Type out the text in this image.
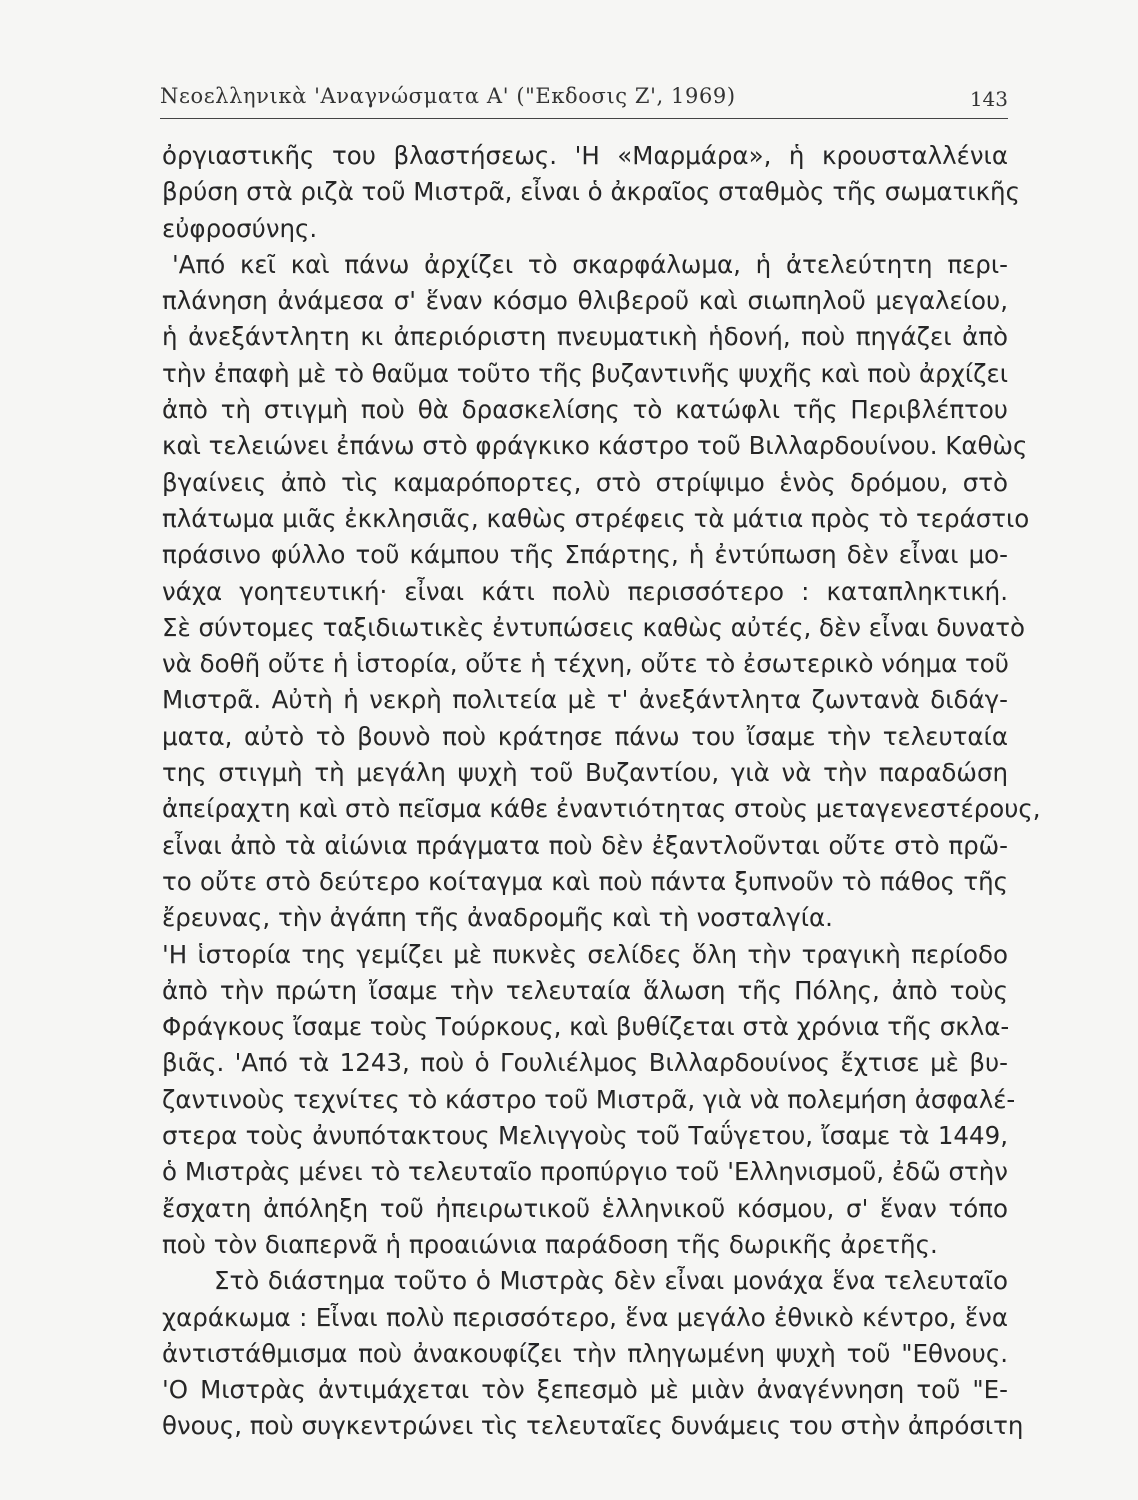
Νεοελληνικὰ 'Αναγνώσματα Α' ("Εκδοσις Ζ', 1969)	143
ὀργιαστικῆς του βλαστήσεως. 'Η «Μαρμάρα», ἡ κρουσταλλένια
βρύση στὰ ριζὰ τοῦ Μιστρᾶ, εἶναι ὁ ἀκραῖος σταθμὸς τῆς σωματικῆς
εὐφροσύνης.
'Από κεῖ καὶ πάνω ἀρχίζει τὸ σκαρφάλωμα, ἡ ἀτελεύτητη περι-
πλάνηση ἀνάμεσα σ' ἕναν κόσμο θλιβεροῦ καὶ σιωπηλοῦ μεγαλείου,
ἡ ἀνεξάντλητη κι ἀπεριόριστη πνευματικὴ ἡδονή, ποὺ πηγάζει ἀπὸ
τὴν ἐπαφὴ μὲ τὸ θαῦμα τοῦτο τῆς βυζαντινῆς ψυχῆς καὶ ποὺ ἀρχίζει
ἀπὸ τὴ στιγμὴ ποὺ θὰ δρασκελίσης τὸ κατώφλι τῆς Περιβλέπτου
καὶ τελειώνει ἐπάνω στὸ φράγκικο κάστρο τοῦ Βιλλαρδουίνου. Καθὼς
βγαίνεις ἀπὸ τὶς καμαρόπορτες, στὸ στρίψιμο ἑνὸς δρόμου, στὸ
πλάτωμα μιᾶς ἐκκλησιᾶς, καθὼς στρέφεις τὰ μάτια πρὸς τὸ τεράστιο
πράσινο φύλλο τοῦ κάμπου τῆς Σπάρτης, ἡ ἐντύπωση δὲν εἶναι μο-
νάχα γοητευτική· εἶναι κάτι πολὺ περισσότερο : καταπληκτική.
Σὲ σύντομες ταξιδιωτικὲς ἐντυπώσεις καθὼς αὐτές, δὲν εἶναι δυνατὸ
νὰ δοθῆ οὔτε ἡ ἱστορία, οὔτε ἡ τέχνη, οὔτε τὸ ἐσωτερικὸ νόημα τοῦ
Μιστρᾶ. Αὐτὴ ἡ νεκρὴ πολιτεία μὲ τ' ἀνεξάντλητα ζωντανὰ διδάγ-
ματα, αὐτὸ τὸ βουνὸ ποὺ κράτησε πάνω του ἴσαμε τὴν τελευταία
της στιγμὴ τὴ μεγάλη ψυχὴ τοῦ Βυζαντίου, γιὰ νὰ τὴν παραδώση
ἀπείραχτη καὶ στὸ πεῖσμα κάθε ἐναντιότητας στοὺς μεταγενεστέρους,
εἶναι ἀπὸ τὰ αἰώνια πράγματα ποὺ δὲν ἐξαντλοῦνται οὔτε στὸ πρῶ-
το οὔτε στὸ δεύτερο κοίταγμα καὶ ποὺ πάντα ξυπνοῦν τὸ πάθος τῆς
ἔρευνας, τὴν ἀγάπη τῆς ἀναδρομῆς καὶ τὴ νοσταλγία.
'Η ἱστορία της γεμίζει μὲ πυκνὲς σελίδες ὅλη τὴν τραγικὴ περίοδο
ἀπὸ τὴν πρώτη ἴσαμε τὴν τελευταία ἅλωση τῆς Πόλης, ἀπὸ τοὺς
Φράγκους ἴσαμε τοὺς Τούρκους, καὶ βυθίζεται στὰ χρόνια τῆς σκλα-
βιᾶς. 'Από τὰ 1243, ποὺ ὁ Γουλιέλμος Βιλλαρδουίνος ἔχτισε μὲ βυ-
ζαντινοὺς τεχνίτες τὸ κάστρο τοῦ Μιστρᾶ, γιὰ νὰ πολεμήση ἀσφαλέ-
στερα τοὺς ἀνυπότακτους Μελιγγοὺς τοῦ Ταΰγετου, ἴσαμε τὰ 1449,
ὁ Μιστρὰς μένει τὸ τελευταῖο προπύργιο τοῦ 'Ελληνισμοῦ, ἐδῶ στὴν
ἔσχατη ἀπόληξη τοῦ ἠπειρωτικοῦ ἑλληνικοῦ κόσμου, σ' ἕναν τόπο
ποὺ τὸν διαπερνᾶ ἡ προαιώνια παράδοση τῆς δωρικῆς ἀρετῆς.
Στὸ διάστημα τοῦτο ὁ Μιστρὰς δὲν εἶναι μονάχα ἕνα τελευταῖο
χαράκωμα : Εἶναι πολὺ περισσότερο, ἕνα μεγάλο ἐθνικὸ κέντρο, ἕνα
ἀντιστάθμισμα ποὺ ἀνακουφίζει τὴν πληγωμένη ψυχὴ τοῦ "Εθνους.
'Ο Μιστρὰς ἀντιμάχεται τὸν ξεπεσμὸ μὲ μιὰν ἀναγέννηση τοῦ "Ε-
θνους, ποὺ συγκεντρώνει τὶς τελευταῖες δυνάμεις του στὴν ἀπρόσιτη
